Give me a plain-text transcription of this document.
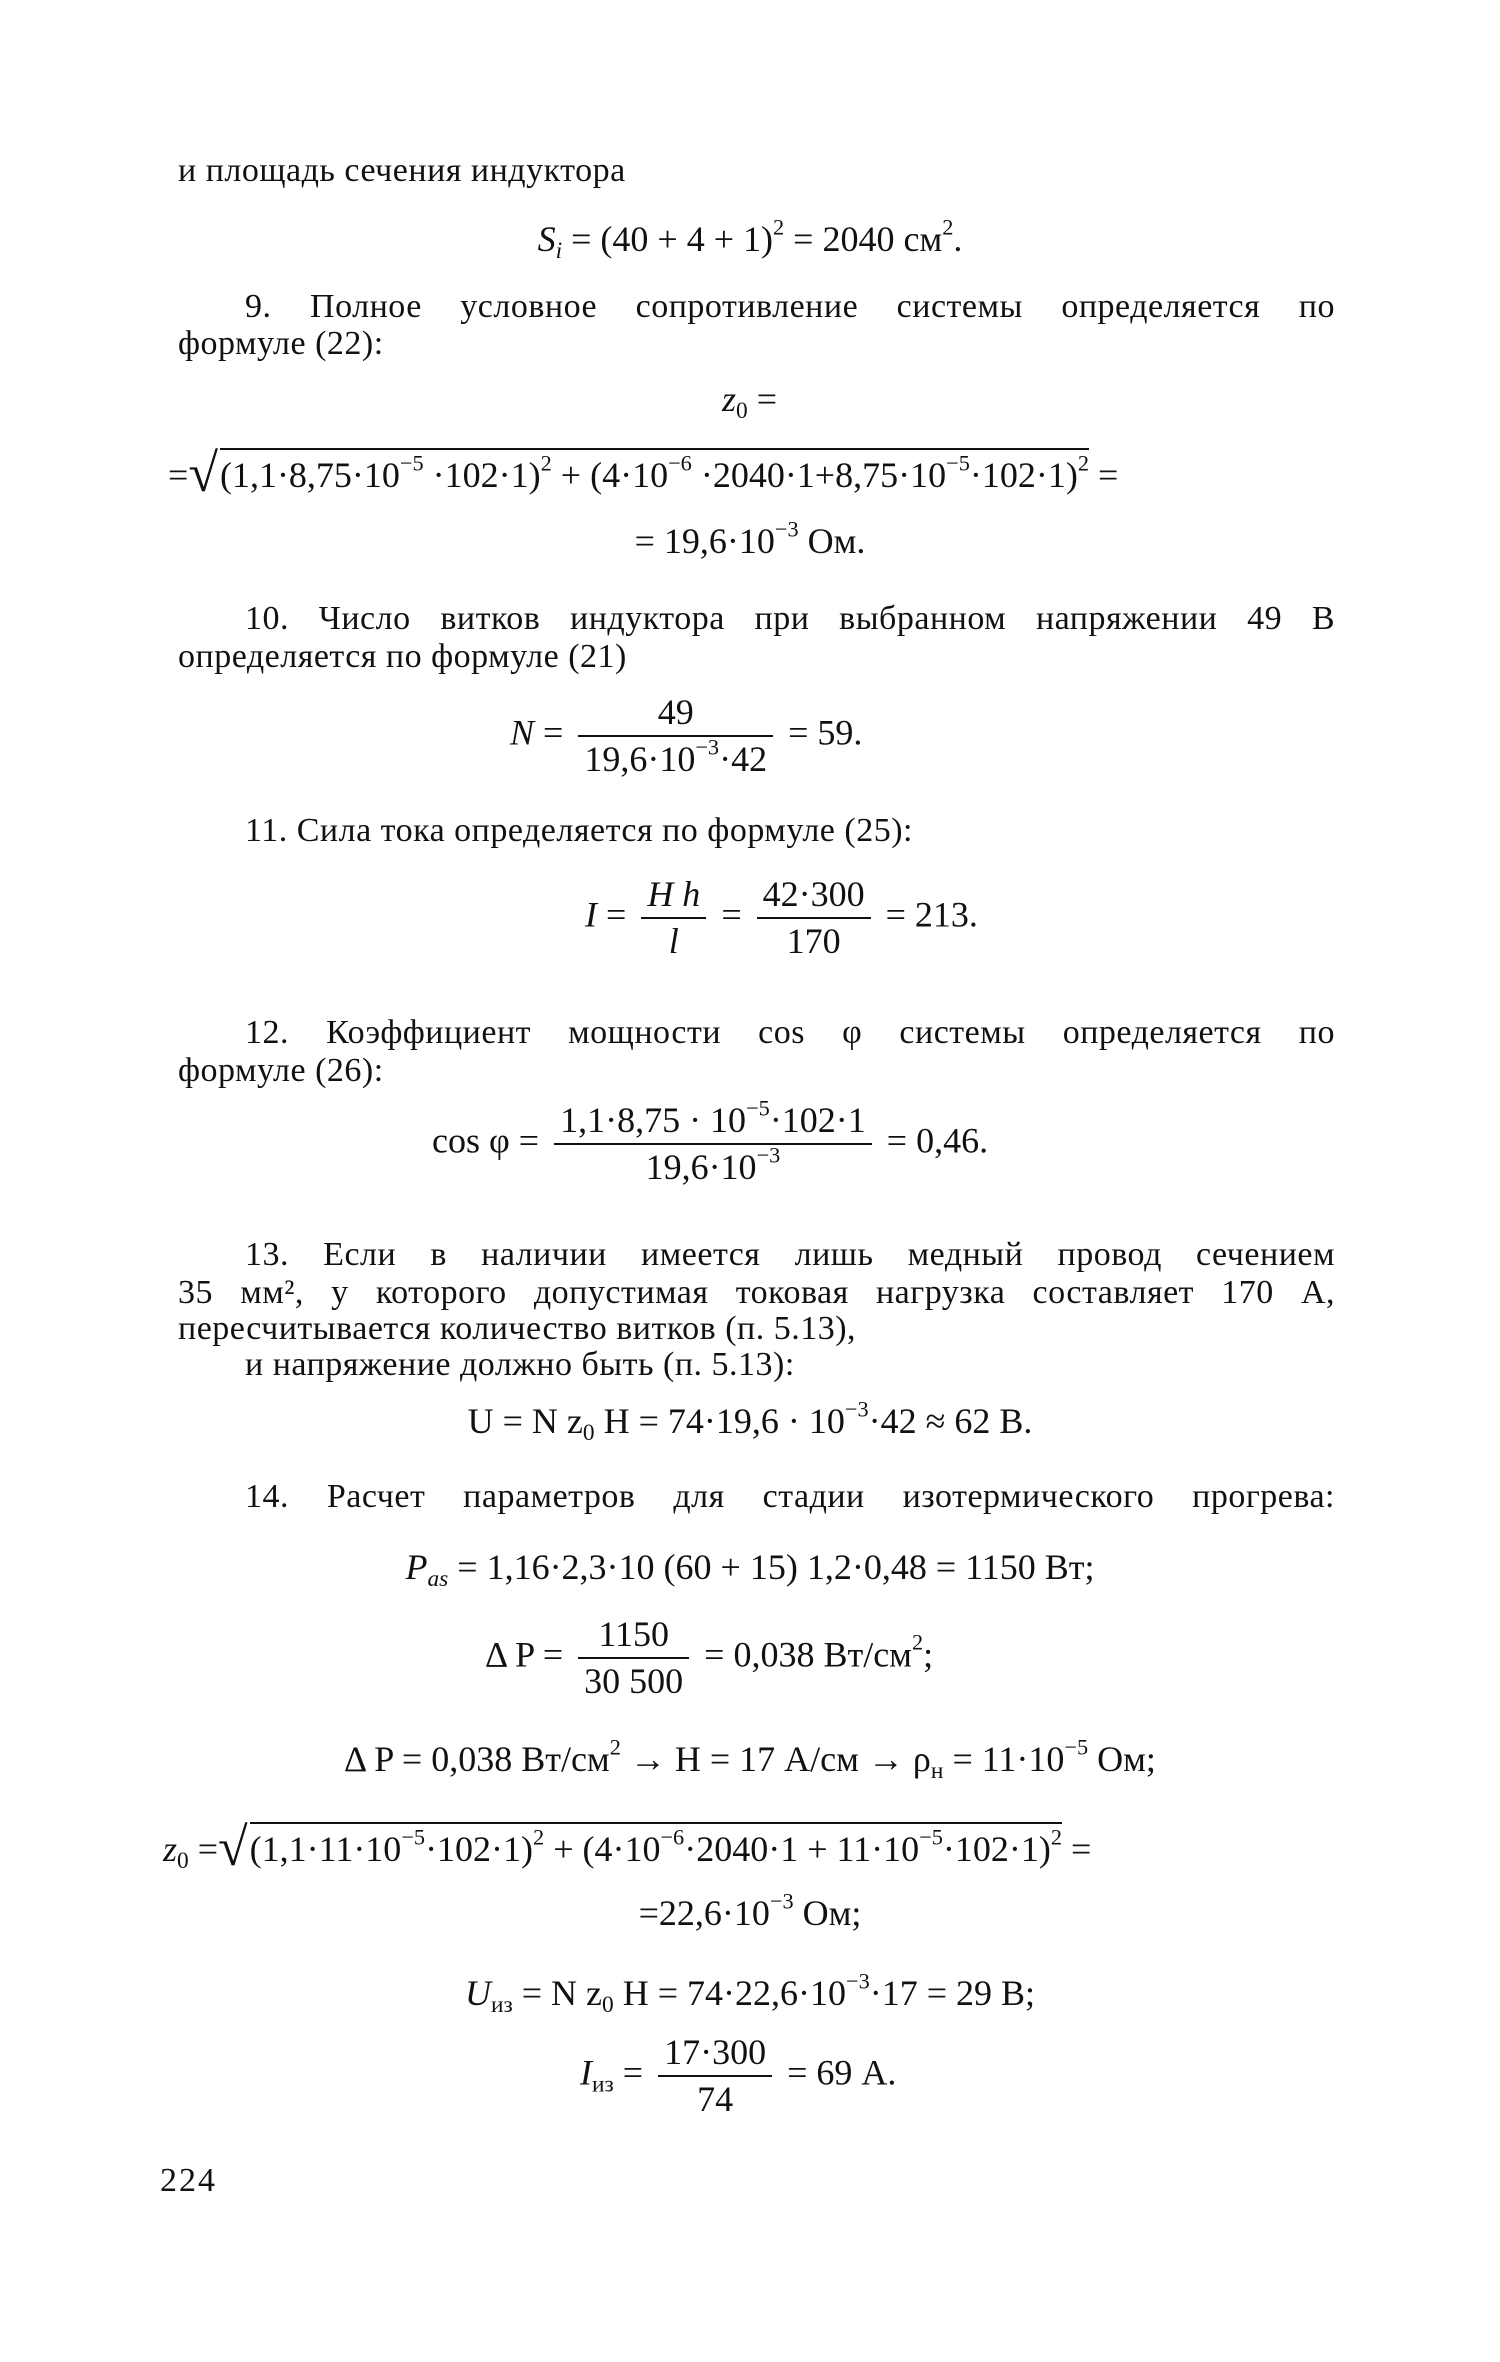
и площадь сечения индуктора
$S_i = (40 + 4 + 1)^2 = 2040$ $см^2$.
9. Полное условное сопротивление системы определяется по
формуле (22):
$z_0$ =
$=√(1,1\cdot 8,75\cdot 10^{-5} \cdot 102\cdot 1)^2 + (4\cdot 10^{-6} \cdot 2040\cdot 1+8,75\cdot 10^{-5}\cdot 102\cdot 1)^2$ =
= $19,6\cdot 10^{-3}$ Ом.
10. Число витков индуктора при выбранном напряжении 49 В
определяется по формуле (21)
$N = \frac{49}{19,6\cdot 10^{-3}\cdot 42} = 59$.
11. Сила тока определяется по формуле (25):
$I = \frac{\text{H h}}{l} = \frac{42\cdot 300}{170} = 213$.
12. Коэффициент мощности cos φ системы определяется по
формуле (26):
$\cos \varphi = \frac{1,1\cdot 8,75 \cdot 10^{-5}\cdot 102\cdot 1}{19,6\cdot 10^{-3}} = 0,46$.
13. Если в наличии имеется лишь медный провод сечением
35 мм², у которого допустимая токовая нагрузка составляет 170 А,
пересчитывается количество витков (п. 5.13),
и напряжение должно быть (п. 5.13):
U = N $z_0$ $H = 74\cdot 19,6 \cdot 10^{-3}\cdot 42 \approx 62$ В.
14. Расчет параметров для стадии изотермического прогрева:
$P_{as} = 1,16\cdot 2,3\cdot 10$ (60 + 15) 1,2·0,48 = 1150 Вт;
Δ $P = \frac{1150}{30 500} = 0,038$ $Вт/см^2$;
Δ P = 0,038 $Вт/см^2 \to H = 17$ $А/см \to \rho_н = 11\cdot 10^{-5}$ Ом;
$z_0 =√(1,1\cdot 11\cdot 10^{-5}\cdot 102\cdot 1)^2 + (4\cdot 10^{-6}\cdot 2040\cdot 1 + 11\cdot 10^{-5}\cdot 102\cdot 1)^2$ =
$=22,6\cdot 10^{-3}$ Ом;
$U_{из} = N$ $z_0$ $H = 74\cdot 22,6\cdot 10^{-3}\cdot 17 = 29$ В;
$I_{из} = \frac{17\cdot 300}{74} = 69$ А.
224
